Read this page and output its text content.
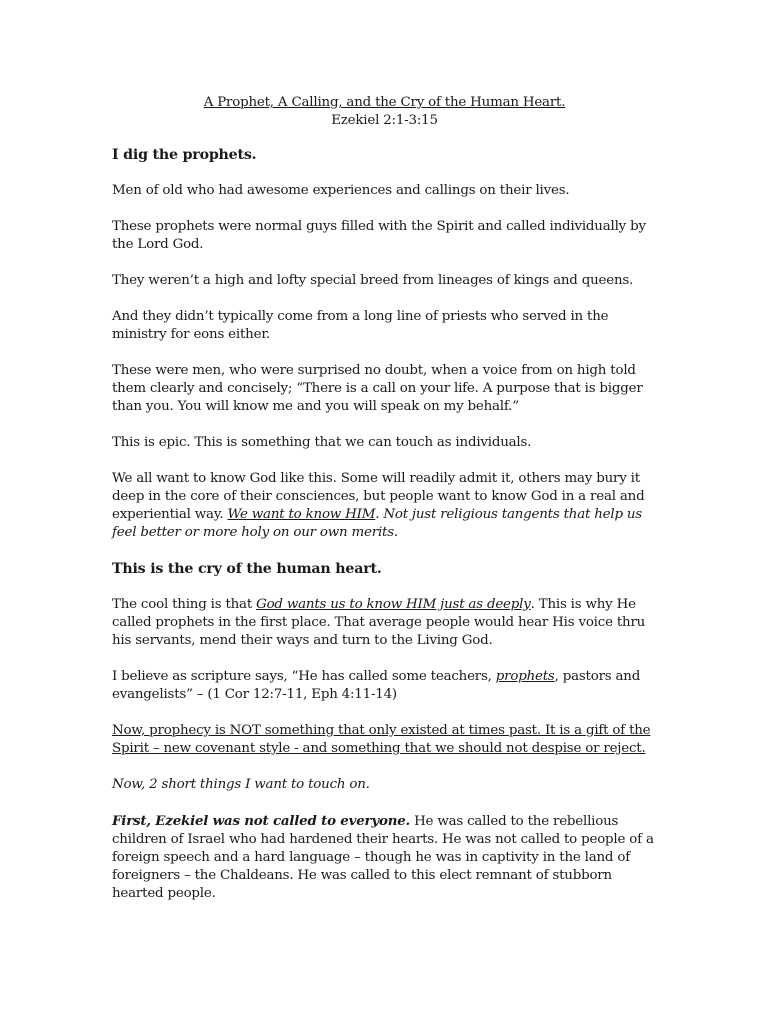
A Prophet, A Calling, and the Cry of the Human Heart.
Ezekiel 2:1-3:15

I dig the prophets.

Men of old who had awesome experiences and callings on their lives.

These prophets were normal guys filled with the Spirit and called individually by the Lord God.

They weren’t a high and lofty special breed from lineages of kings and queens.

And they didn’t typically come from a long line of priests who served in the ministry for eons either.

These were men, who were surprised no doubt, when a voice from on high told them clearly and concisely; “There is a call on your life. A purpose that is bigger than you. You will know me and you will speak on my behalf.”

This is epic. This is something that we can touch as individuals.

We all want to know God like this. Some will readily admit it, others may bury it deep in the core of their consciences, but people want to know God in a real and experiential way. We want to know HIM. Not just religious tangents that help us feel better or more holy on our own merits.

This is the cry of the human heart.

The cool thing is that God wants us to know HIM just as deeply. This is why He called prophets in the first place. That average people would hear His voice thru his servants, mend their ways and turn to the Living God.

I believe as scripture says, “He has called some teachers, prophets, pastors and evangelists” – (1 Cor 12:7-11, Eph 4:11-14)

Now, prophecy is NOT something that only existed at times past. It is a gift of the Spirit – new covenant style - and something that we should not despise or reject.

Now, 2 short things I want to touch on.

First, Ezekiel was not called to everyone. He was called to the rebellious children of Israel who had hardened their hearts. He was not called to people of a foreign speech and a hard language – though he was in captivity in the land of foreigners – the Chaldeans. He was called to this elect remnant of stubborn hearted people.
